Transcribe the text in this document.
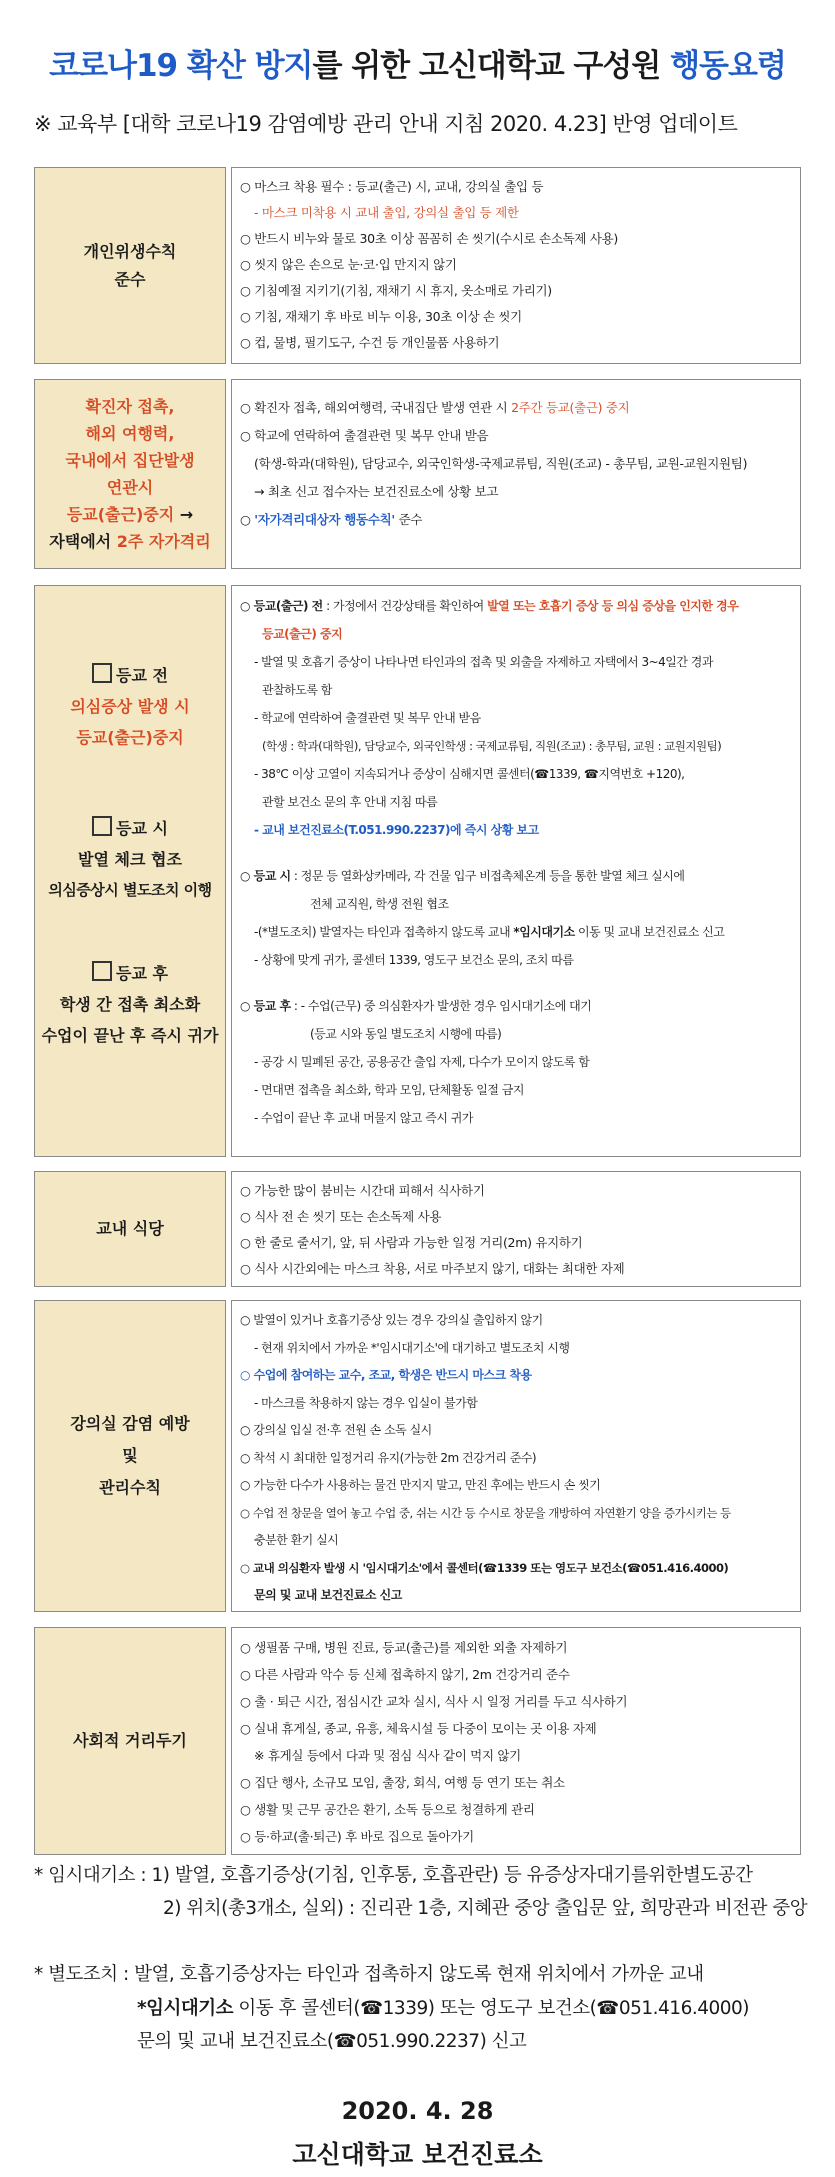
코로나19 확산 방지를 위한 고신대학교 구성원 행동요령
※ 교육부 [대학 코로나19 감염예방 관리 안내 지침 2020. 4.23] 반영 업데이트
개인위생수칙
준수
○ 마스크 착용 필수 : 등교(출근) 시, 교내, 강의실 출입 등
- 마스크 미착용 시 교내 출입, 강의실 출입 등 제한
○ 반드시 비누와 물로 30초 이상 꼼꼼히 손 씻기(수시로 손소독제 사용)
○ 씻지 않은 손으로 눈·코·입 만지지 않기
○ 기침예절 지키기(기침, 재채기 시 휴지, 옷소매로 가리기)
○ 기침, 재채기 후 바로 비누 이용, 30초 이상 손 씻기
○ 컵, 물병, 필기도구, 수건 등 개인물품 사용하기
확진자 접촉,
해외 여행력,
국내에서 집단발생
연관시
등교(출근)중지 →
자택에서 2주 자가격리
○ 확진자 접촉, 해외여행력, 국내집단 발생 연관 시 2주간 등교(출근) 중지
○ 학교에 연락하여 출결관련 및 복무 안내 받음
(학생-학과(대학원), 담당교수, 외국인학생-국제교류팀, 직원(조교) - 총무팀, 교원-교원지원팀)
→ 최초 신고 접수자는 보건진료소에 상황 보고
○ '자가격리대상자 행동수칙' 준수
등교 전
의심증상 발생 시
등교(출근)중지
등교 시
발열 체크 협조
의심증상시 별도조치 이행
등교 후
학생 간 접촉 최소화
수업이 끝난 후 즉시 귀가
○ 등교(출근) 전 : 가정에서 건강상태를 확인하여 발열 또는 호흡기 증상 등 의심 증상을 인지한 경우
등교(출근) 중지
- 발열 및 호흡기 증상이 나타나면 타인과의 접촉 및 외출을 자제하고 자택에서 3~4일간 경과
관찰하도록 함
- 학교에 연락하여 출결관련 및 복무 안내 받음
(학생 : 학과(대학원), 담당교수, 외국인학생 : 국제교류팀, 직원(조교) : 총무팀, 교원 : 교원지원팀)
- 38℃ 이상 고열이 지속되거나 증상이 심해지면 콜센터(☎1339, ☎지역번호 +120),
관할 보건소 문의 후 안내 지침 따름
- 교내 보건진료소(T.051.990.2237)에 즉시 상황 보고
○ 등교 시 : 정문 등 열화상카메라, 각 건물 입구 비접촉체온계 등을 통한 발열 체크 실시에
전체 교직원, 학생 전원 협조
-(*별도조치) 발열자는 타인과 접촉하지 않도록 교내 *임시대기소 이동 및 교내 보건진료소 신고
- 상황에 맞게 귀가, 콜센터 1339, 영도구 보건소 문의, 조치 따름
○ 등교 후 : - 수업(근무) 중 의심환자가 발생한 경우 임시대기소에 대기
(등교 시와 동일 별도조치 시행에 따름)
- 공강 시 밀폐된 공간, 공용공간 출입 자제, 다수가 모이지 않도록 함
- 면대면 접촉을 최소화, 학과 모임, 단체활동 일절 금지
- 수업이 끝난 후 교내 머물지 않고 즉시 귀가
교내 식당
○ 가능한 많이 붐비는 시간대 피해서 식사하기
○ 식사 전 손 씻기 또는 손소독제 사용
○ 한 줄로 줄서기, 앞, 뒤 사람과 가능한 일정 거리(2m) 유지하기
○ 식사 시간외에는 마스크 착용, 서로 마주보지 않기, 대화는 최대한 자제
강의실 감염 예방
및
관리수칙
○ 발열이 있거나 호흡기증상 있는 경우 강의실 출입하지 않기
- 현재 위치에서 가까운 *'임시대기소'에 대기하고 별도조치 시행
○ 수업에 참여하는 교수, 조교, 학생은 반드시 마스크 착용
- 마스크를 착용하지 않는 경우 입실이 불가함
○ 강의실 입실 전·후 전원 손 소독 실시
○ 착석 시 최대한 일정거리 유지(가능한 2m 건강거리 준수)
○ 가능한 다수가 사용하는 물건 만지지 말고, 만진 후에는 반드시 손 씻기
○ 수업 전 창문을 열어 놓고 수업 중, 쉬는 시간 등 수시로 창문을 개방하여 자연환기 양을 증가시키는 등
충분한 환기 실시
○ 교내 의심환자 발생 시 '임시대기소'에서 콜센터(☎1339 또는 영도구 보건소(☎051.416.4000)
문의 및 교내 보건진료소 신고
사회적 거리두기
○ 생필품 구매, 병원 진료, 등교(출근)를 제외한 외출 자제하기
○ 다른 사람과 악수 등 신체 접촉하지 않기, 2m 건강거리 준수
○ 출 · 퇴근 시간, 점심시간 교차 실시, 식사 시 일정 거리를 두고 식사하기
○ 실내 휴게실, 종교, 유흥, 체육시설 등 다중이 모이는 곳 이용 자제
※ 휴게실 등에서 다과 및 점심 식사 같이 먹지 않기
○ 집단 행사, 소규모 모임, 출장, 회식, 여행 등 연기 또는 취소
○ 생활 및 근무 공간은 환기, 소독 등으로 청결하게 관리
○ 등·하교(출·퇴근) 후 바로 집으로 돌아가기
* 임시대기소 : 1) 발열, 호흡기증상(기침, 인후통, 호흡관란) 등 유증상자대기를위한별도공간
2) 위치(총3개소, 실외) : 진리관 1층, 지혜관 중앙 출입문 앞, 희망관과 비전관 중앙
* 별도조치 : 발열, 호흡기증상자는 타인과 접촉하지 않도록 현재 위치에서 가까운 교내
*임시대기소 이동 후 콜센터(☎1339) 또는 영도구 보건소(☎051.416.4000)
문의 및 교내 보건진료소(☎051.990.2237) 신고
2020. 4. 28
고신대학교 보건진료소
